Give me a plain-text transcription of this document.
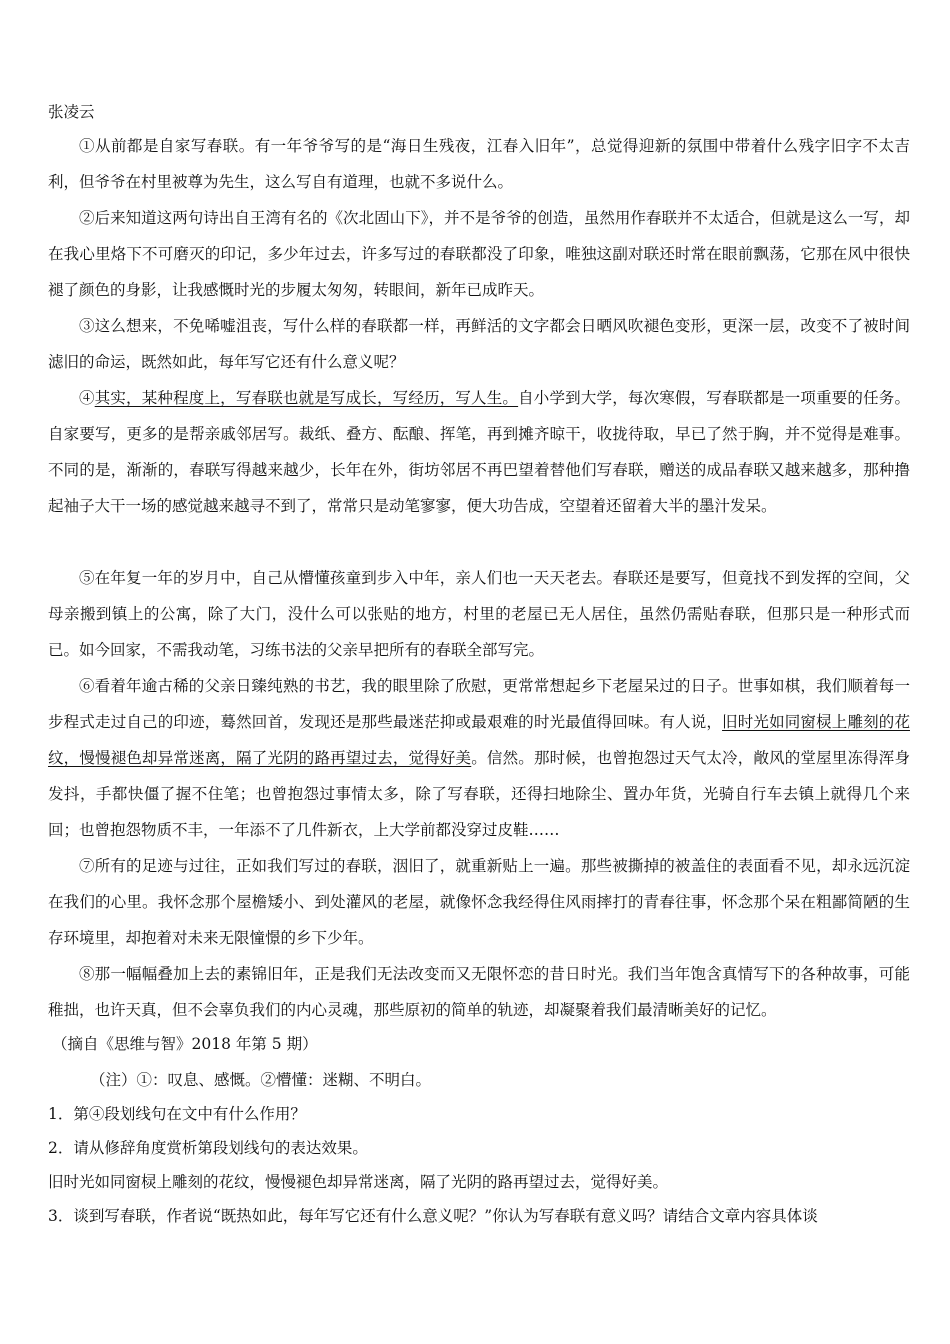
张凌云
①从前都是自家写春联。有一年爷爷写的是“海日生残夜，江春入旧年”，总觉得迎新的氛围中带着什么残字旧字不太吉利，但爷爷在村里被尊为先生，这么写自有道理，也就不多说什么。
②后来知道这两句诗出自王湾有名的《次北固山下》，并不是爷爷的创造，虽然用作春联并不太适合，但就是这么一写，却在我心里烙下不可磨灭的印记，多少年过去，许多写过的春联都没了印象，唯独这副对联还时常在眼前飘荡，它那在风中很快褪了颜色的身影，让我感慨时光的步履太匆匆，转眼间，新年已成昨天。
③这么想来，不免唏嘘沮丧，写什么样的春联都一样，再鲜活的文字都会日晒风吹褪色变形，更深一层，改变不了被时间滤旧的命运，既然如此，每年写它还有什么意义呢？
④其实，某种程度上，写春联也就是写成长，写经历，写人生。自小学到大学，每次寒假，写春联都是一项重要的任务。自家要写，更多的是帮亲戚邻居写。裁纸、叠方、酝酿、挥笔，再到摊齐晾干，收拢待取，早已了然于胸，并不觉得是难事。不同的是，渐渐的，春联写得越来越少，长年在外，街坊邻居不再巴望着替他们写春联，赠送的成品春联又越来越多，那种撸起袖子大干一场的感觉越来越寻不到了，常常只是动笔寥寥，便大功告成，空望着还留着大半的墨汁发呆。
⑤在年复一年的岁月中，自己从懵懂孩童到步入中年，亲人们也一天天老去。春联还是要写，但竟找不到发挥的空间，父母亲搬到镇上的公寓，除了大门，没什么可以张贴的地方，村里的老屋已无人居住，虽然仍需贴春联，但那只是一种形式而已。如今回家，不需我动笔，习练书法的父亲早把所有的春联全部写完。
⑥看着年逾古稀的父亲日臻纯熟的书艺，我的眼里除了欣慰，更常常想起乡下老屋呆过的日子。世事如棋，我们顺着每一步程式走过自己的印迹，蓦然回首，发现还是那些最迷茫抑或最艰难的时光最值得回味。有人说，旧时光如同窗棂上雕刻的花纹，慢慢褪色却异常迷离，隔了光阴的路再望过去，觉得好美。信然。那时候，也曾抱怨过天气太冷，敞风的堂屋里冻得浑身发抖，手都快僵了握不住笔；也曾抱怨过事情太多，除了写春联，还得扫地除尘、置办年货，光骑自行车去镇上就得几个来回；也曾抱怨物质不丰，一年添不了几件新衣，上大学前都没穿过皮鞋……
⑦所有的足迹与过往，正如我们写过的春联，洇旧了，就重新贴上一遍。那些被撕掉的被盖住的表面看不见，却永远沉淀在我们的心里。我怀念那个屋檐矮小、到处灌风的老屋，就像怀念我经得住风雨摔打的青春往事，怀念那个呆在粗鄙简陋的生存环境里，却抱着对未来无限憧憬的乡下少年。
⑧那一幅幅叠加上去的素锦旧年，正是我们无法改变而又无限怀恋的昔日时光。我们当年饱含真情写下的各种故事，可能稚拙，也许天真，但不会辜负我们的内心灵魂，那些原初的简单的轨迹，却凝聚着我们最清晰美好的记忆。
（摘自《思维与智》2018 年第 5 期）
（注）①：叹息、感慨。②懵懂：迷糊、不明白。
1．第④段划线句在文中有什么作用？
2．请从修辞角度赏析第段划线句的表达效果。
旧时光如同窗棂上雕刻的花纹，慢慢褪色却异常迷离，隔了光阴的路再望过去，觉得好美。
3．谈到写春联，作者说“既热如此，每年写它还有什么意义呢？”你认为写春联有意义吗？请结合文章内容具体谈
